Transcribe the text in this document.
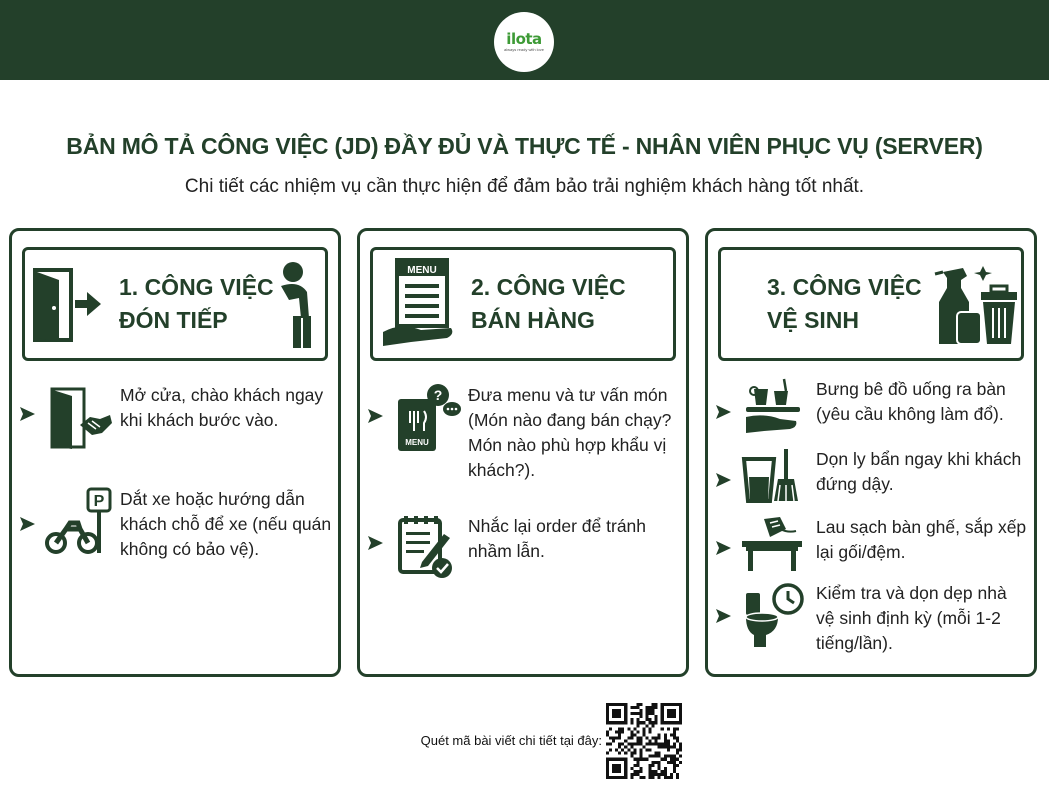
ilota
always ready with love
BẢN MÔ TẢ CÔNG VIỆC (JD) ĐẦY ĐỦ VÀ THỰC TẾ - NHÂN VIÊN PHỤC VỤ (SERVER)
Chi tiết các nhiệm vụ cần thực hiện để đảm bảo trải nghiệm khách hàng tốt nhất.
1. CÔNG VIỆC
ĐÓN TIẾP
Mở cửa, chào khách ngay khi khách bước vào.
P Dắt xe hoặc hướng dẫn khách chỗ để xe (nếu quán không có bảo vệ).
MENU
2. CÔNG VIỆC
BÁN HÀNG
MENU
? Đưa menu và tư vấn món (Món nào đang bán chạy? Món nào phù hợp khẩu vị khách?).
Nhắc lại order để tránh nhầm lẫn.
3. CÔNG VIỆC
VỆ SINH
Bưng bê đồ uống ra bàn (yêu cầu không làm đổ).
Dọn ly bẩn ngay khi khách đứng dậy.
Lau sạch bàn ghế, sắp xếp lại gối/đệm.
Kiểm tra và dọn dẹp nhà vệ sinh định kỳ (mỗi 1-2 tiếng/lần).
Quét mã bài viết chi tiết tại đây:
